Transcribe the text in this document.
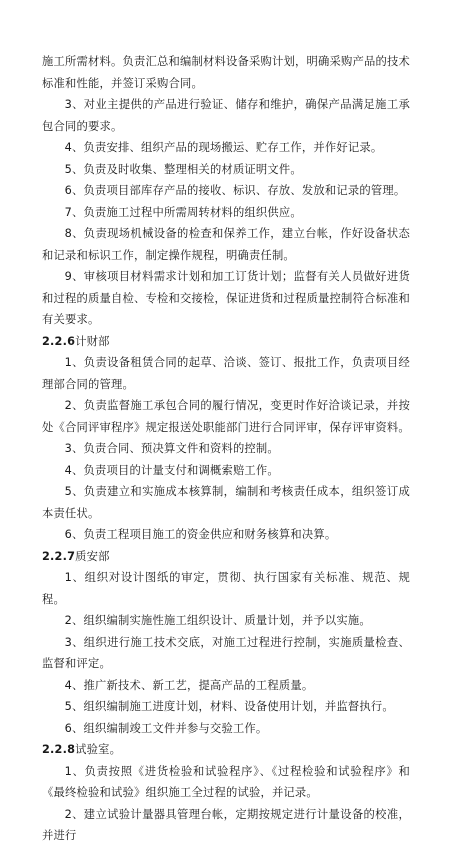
施工所需材料。负责汇总和编制材料设备采购计划，明确采购产品的技术标准和性能，并签订采购合同。

3、对业主提供的产品进行验证、储存和维护，确保产品满足施工承包合同的要求。

4、负责安排、组织产品的现场搬运、贮存工作，并作好记录。

5、负责及时收集、整理相关的材质证明文件。

6、负责项目部库存产品的接收、标识、存放、发放和记录的管理。

7、负责施工过程中所需周转材料的组织供应。

8、负责现场机械设备的检查和保养工作，建立台帐，作好设备状态和记录和标识工作，制定操作规程，明确责任制。

9、审核项目材料需求计划和加工订货计划；监督有关人员做好进货和过程的质量自检、专检和交接检，保证进货和过程质量控制符合标准和有关要求。

2.2.6计财部

1、负责设备租赁合同的起草、洽谈、签订、报批工作，负责项目经理部合同的管理。

2、负责监督施工承包合同的履行情况，变更时作好洽谈记录，并按处《合同评审程序》规定报送处职能部门进行合同评审，保存评审资料。

3、负责合同、预决算文件和资料的控制。

4、负责项目的计量支付和调概索赔工作。

5、负责建立和实施成本核算制，编制和考核责任成本，组织签订成本责任状。

6、负责工程项目施工的资金供应和财务核算和决算。

2.2.7质安部

1、组织对设计图纸的审定，贯彻、执行国家有关标准、规范、规程。

2、组织编制实施性施工组织设计、质量计划，并予以实施。

3、组织进行施工技术交底，对施工过程进行控制，实施质量检查、监督和评定。

4、推广新技术、新工艺，提高产品的工程质量。

5、组织编制施工进度计划，材料、设备使用计划，并监督执行。

6、组织编制竣工文件并参与交验工作。

2.2.8试验室。

1、负责按照《进货检验和试验程序》、《过程检验和试验程序》和《最终检验和试验》组织施工全过程的试验，并记录。

2、建立试验计量器具管理台帐，定期按规定进行计量设备的校准，并进行
